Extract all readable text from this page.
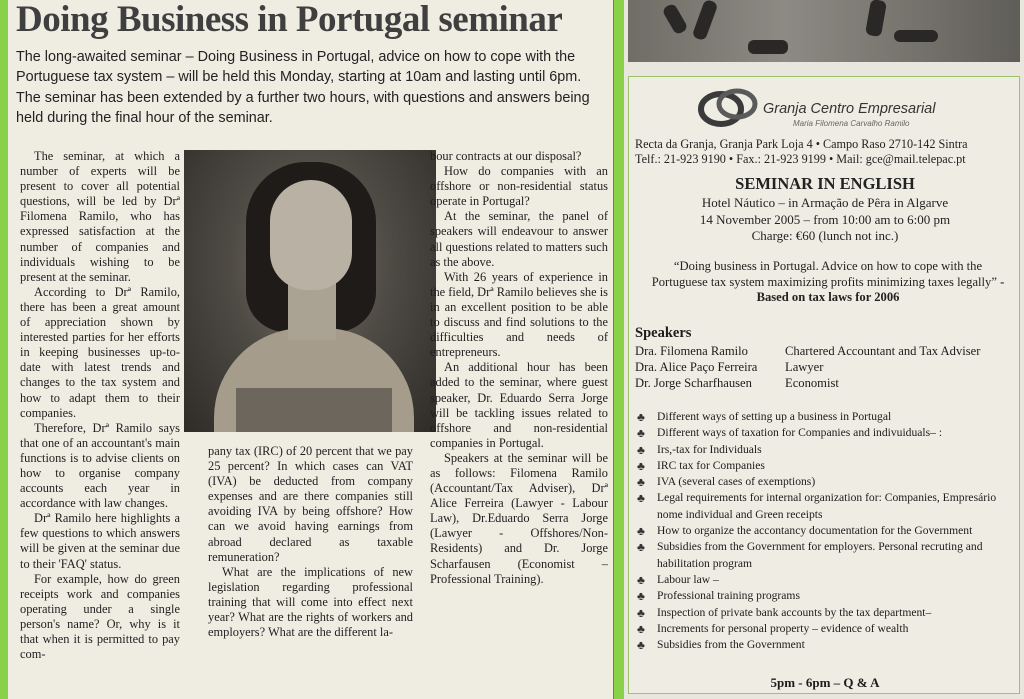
Doing Business in Portugal seminar
The long-awaited seminar – Doing Business in Portugal, advice on how to cope with the Portuguese tax system – will be held this Monday, starting at 10am and lasting until 6pm. The seminar has been extended by a further two hours, with questions and answers being held during the final hour of the seminar.

The seminar, at which a number of experts will be present to cover all potential questions, will be led by Drª Filomena Ramilo, who has expressed satisfaction at the number of companies and individuals wishing to be present at the seminar.

According to Drª Ramilo, there has been a great amount of appreciation shown by interested parties for her efforts in keeping businesses up-to-date with latest trends and changes to the tax system and how to adapt them to their companies.

Therefore, Drª Ramilo says that one of an accountant's main functions is to advise clients on how to organise company accounts each year in accordance with law changes.

Drª Ramilo here highlights a few questions to which answers will be given at the seminar due to their 'FAQ' status.

For example, how do green receipts work and companies operating under a single person's name? Or, why is it that when it is permitted to pay com-

pany tax (IRC) of 20 percent that we pay 25 percent? In which cases can VAT (IVA) be deducted from company expenses and are there companies still avoiding IVA by being offshore? How can we avoid having earnings from abroad declared as taxable remuneration?

What are the implications of new legislation regarding professional training that will come into effect next year? What are the rights of workers and employers? What are the different la-

bour contracts at our disposal?

How do companies with an offshore or non-residential status operate in Portugal?

At the seminar, the panel of speakers will endeavour to answer all questions related to matters such as the above.

With 26 years of experience in the field, Drª Ramilo believes she is in an excellent position to be able to discuss and find solutions to the difficulties and needs of entrepreneurs.

An additional hour has been added to the seminar, where guest speaker, Dr. Eduardo Serra Jorge will be tackling issues related to offshore and non-residential companies in Portugal.

Speakers at the seminar will be as follows: Filomena Ramilo (Accountant/Tax Adviser), Drª Alice Ferreira (Lawyer - Labour Law), Dr.Eduardo Serra Jorge (Lawyer - Offshores/Non-Residents) and Dr. Jorge Scharfausen (Economist – Professional Training).

Granja Centro Empresarial
Maria Filomena Carvalho Ramilo
Recta da Granja, Granja Park Loja 4 • Campo Raso 2710-142 Sintra
Telf.: 21-923 9190 • Fax.: 21-923 9199 • Mail: gce@mail.telepac.pt
SEMINAR IN ENGLISH
Hotel Náutico – in Armação de Pêra in Algarve
14 November 2005 – from 10:00 am to 6:00 pm
Charge: €60 (lunch not inc.)
“Doing business in Portugal. Advice on how to cope with the Portuguese tax system maximizing profits minimizing taxes legally” - Based on tax laws for 2006
Speakers
Dra. Filomena Ramilo	Chartered Accountant and Tax Adviser
Dra. Alice Paço Ferreira	Lawyer
Dr. Jorge Scharfhausen	Economist
♣ Different ways of setting up a business in Portugal
♣ Different ways of taxation for Companies and indivuiduals– :
♣ Irs,-tax for Individuals
♣ IRC tax for Companies
♣ IVA (several cases of exemptions)
♣ Legal requirements for internal organization for: Companies, Empresário nome individual and Green receipts
♣ How to organize the accontancy documentation for the Government
♣ Subsidies from the Government for employers. Personal recruting and habilitation program
♣ Labour law –
♣ Professional training programs
♣ Inspection of private bank accounts by the tax department–
♣ Increments for personal property – evidence of wealth
♣ Subsidies from the Government
5pm - 6pm – Q & A
